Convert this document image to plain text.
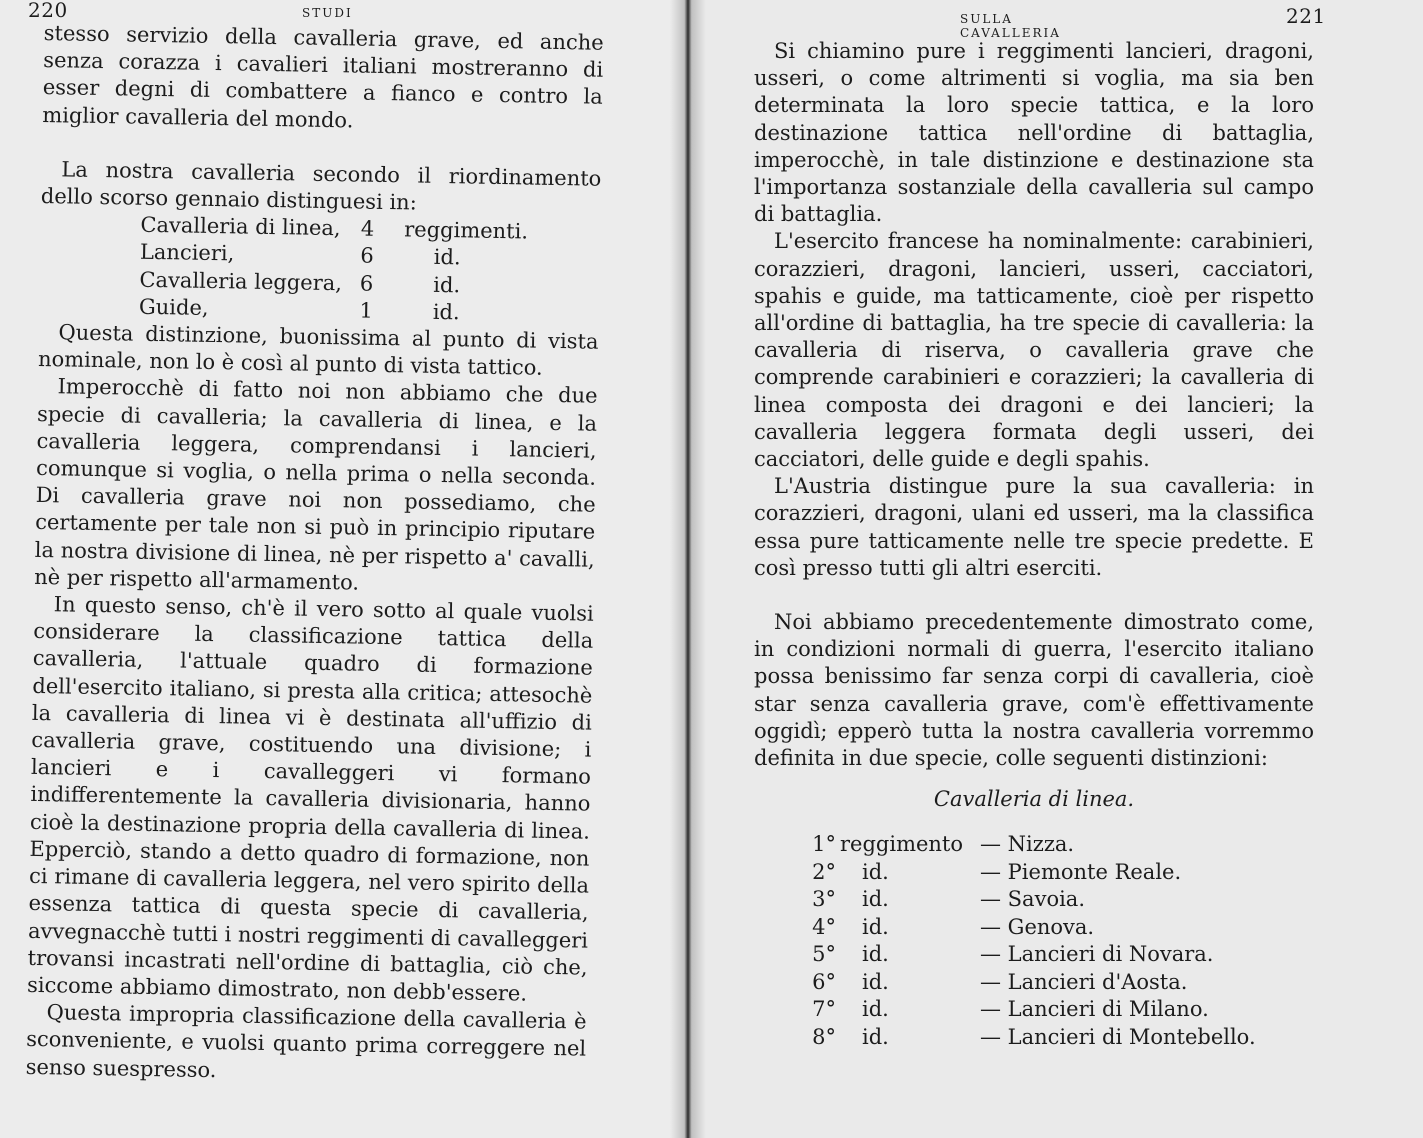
220	STUDI

stesso servizio della cavalleria grave, ed anche senza corazza i cavalieri italiani mostreranno di esser degni di combattere a fianco e contro la miglior cavalleria del mondo.

La nostra cavalleria secondo il riordinamento dello scorso gennaio distinguesi in:

Cavalleria di linea,	4	reggimenti.
Lancieri,	6	id.
Cavalleria leggera,	6	id.
Guide,	1	id.

Questa distinzione, buonissima al punto di vista nominale, non lo è così al punto di vista tattico.

Imperocchè di fatto noi non abbiamo che due specie di cavalleria; la cavalleria di linea, e la cavalleria leggera, comprendansi i lancieri, comunque si voglia, o nella prima o nella seconda. Di cavalleria grave noi non possediamo, che certamente per tale non si può in principio riputare la nostra divisione di linea, nè per rispetto a' cavalli, nè per rispetto all'armamento.

In questo senso, ch'è il vero sotto al quale vuolsi considerare la classificazione tattica della cavalleria, l'attuale quadro di formazione dell'esercito italiano, si presta alla critica; attesochè la cavalleria di linea vi è destinata all'uffizio di cavalleria grave, costituendo una divisione; i lancieri e i cavalleggeri vi formano indifferentemente la cavalleria divisionaria, hanno cioè la destinazione propria della cavalleria di linea. Epperciò, stando a detto quadro di formazione, non ci rimane di cavalleria leggera, nel vero spirito della essenza tattica di questa specie di cavalleria, avvegnacchè tutti i nostri reggimenti di cavalleggeri trovansi incastrati nell'ordine di battaglia, ciò che, siccome abbiamo dimostrato, non debb'essere.

Questa impropria classificazione della cavalleria è sconveniente, e vuolsi quanto prima correggere nel senso suespresso.

SULLA CAVALLERIA
221

Si chiamino pure i reggimenti lancieri, dragoni, usseri, o come altrimenti si voglia, ma sia ben determinata la loro specie tattica, e la loro destinazione tattica nell'ordine di battaglia, imperocchè, in tale distinzione e destinazione sta l'importanza sostanziale della cavalleria sul campo di battaglia.

L'esercito francese ha nominalmente: carabinieri, corazzieri, dragoni, lancieri, usseri, cacciatori, spahis e guide, ma tatticamente, cioè per rispetto all'ordine di battaglia, ha tre specie di cavalleria: la cavalleria di riserva, o cavalleria grave che comprende carabinieri e corazzieri; la cavalleria di linea composta dei dragoni e dei lancieri; la cavalleria leggera formata degli usseri, dei cacciatori, delle guide e degli spahis.

L'Austria distingue pure la sua cavalleria: in corazzieri, dragoni, ulani ed usseri, ma la classifica essa pure tatticamente nelle tre specie predette. E così presso tutti gli altri eserciti.

Noi abbiamo precedentemente dimostrato come, in condizioni normali di guerra, l'esercito italiano possa benissimo far senza corpi di cavalleria, cioè star senza cavalleria grave, com'è effettivamente oggidì; epperò tutta la nostra cavalleria vorremmo definita in due specie, colle seguenti distinzioni:

Cavalleria di linea.
1°	reggimento	— Nizza.
2°	id.	— Piemonte Reale.
3°	id.	— Savoia.
4°	id.	— Genova.
5°	id.	— Lancieri di Novara.
6°	id.	— Lancieri d'Aosta.
7°	id.	— Lancieri di Milano.
8°	id.	— Lancieri di Montebello.
